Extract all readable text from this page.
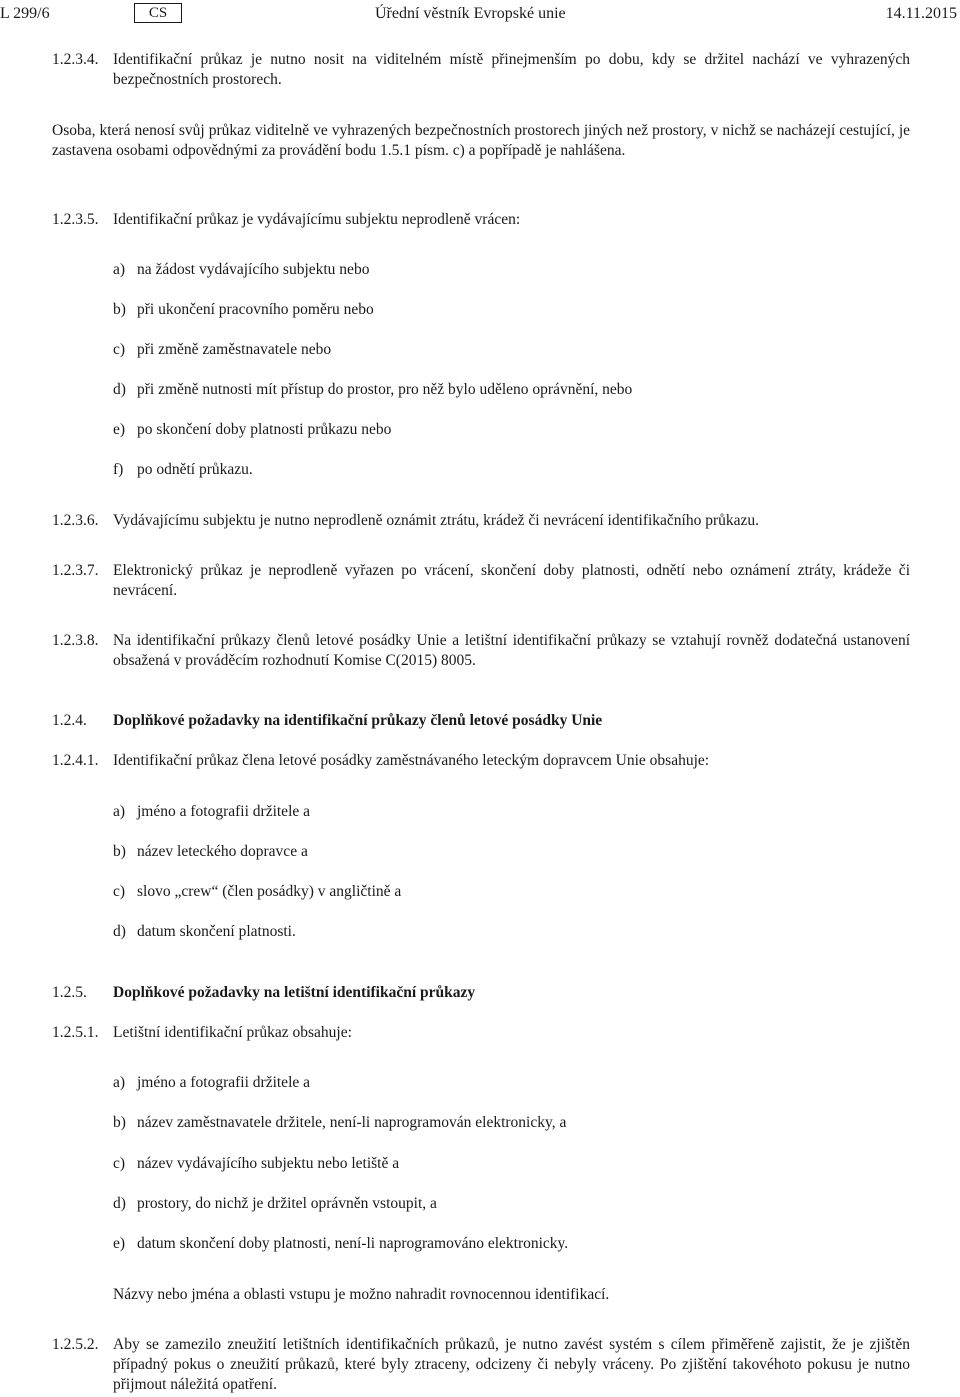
L 299/6	CS	Úřední věstník Evropské unie	14.11.2015
1.2.3.4. Identifikační průkaz je nutno nosit na viditelném místě přinejmenším po dobu, kdy se držitel nachází ve vyhrazených bezpečnostních prostorech.
Osoba, která nenosí svůj průkaz viditelně ve vyhrazených bezpečnostních prostorech jiných než prostory, v nichž se nacházejí cestující, je zastavena osobami odpovědnými za provádění bodu 1.5.1 písm. c) a popřípadě je nahlášena.
1.2.3.5. Identifikační průkaz je vydávajícímu subjektu neprodleně vrácen:
a) na žádost vydávajícího subjektu nebo
b) při ukončení pracovního poměru nebo
c) při změně zaměstnavatele nebo
d) při změně nutnosti mít přístup do prostor, pro něž bylo uděleno oprávnění, nebo
e) po skončení doby platnosti průkazu nebo
f) po odnětí průkazu.
1.2.3.6. Vydávajícímu subjektu je nutno neprodleně oznámit ztrátu, krádež či nevrácení identifikačního průkazu.
1.2.3.7. Elektronický průkaz je neprodleně vyřazen po vrácení, skončení doby platnosti, odnětí nebo oznámení ztráty, krádeže či nevrácení.
1.2.3.8. Na identifikační průkazy členů letové posádky Unie a letištní identifikační průkazy se vztahují rovněž dodatečná ustanovení obsažená v prováděcím rozhodnutí Komise C(2015) 8005.
1.2.4. Doplňkové požadavky na identifikační průkazy členů letové posádky Unie
1.2.4.1. Identifikační průkaz člena letové posádky zaměstnávaného leteckým dopravcem Unie obsahuje:
a) jméno a fotografii držitele a
b) název leteckého dopravce a
c) slovo „crew“ (člen posádky) v angličtině a
d) datum skončení platnosti.
1.2.5. Doplňkové požadavky na letištní identifikační průkazy
1.2.5.1. Letištní identifikační průkaz obsahuje:
a) jméno a fotografii držitele a
b) název zaměstnavatele držitele, není-li naprogramován elektronicky, a
c) název vydávajícího subjektu nebo letiště a
d) prostory, do nichž je držitel oprávněn vstoupit, a
e) datum skončení doby platnosti, není-li naprogramováno elektronicky.
Názvy nebo jména a oblasti vstupu je možno nahradit rovnocennou identifikací.
1.2.5.2. Aby se zamezilo zneužití letištních identifikačních průkazů, je nutno zavést systém s cílem přiměřeně zajistit, že je zjištěn případný pokus o zneužití průkazů, které byly ztraceny, odcizeny či nebyly vráceny. Po zjištění takovéhoto pokusu je nutno přijmout náležitá opatření.
